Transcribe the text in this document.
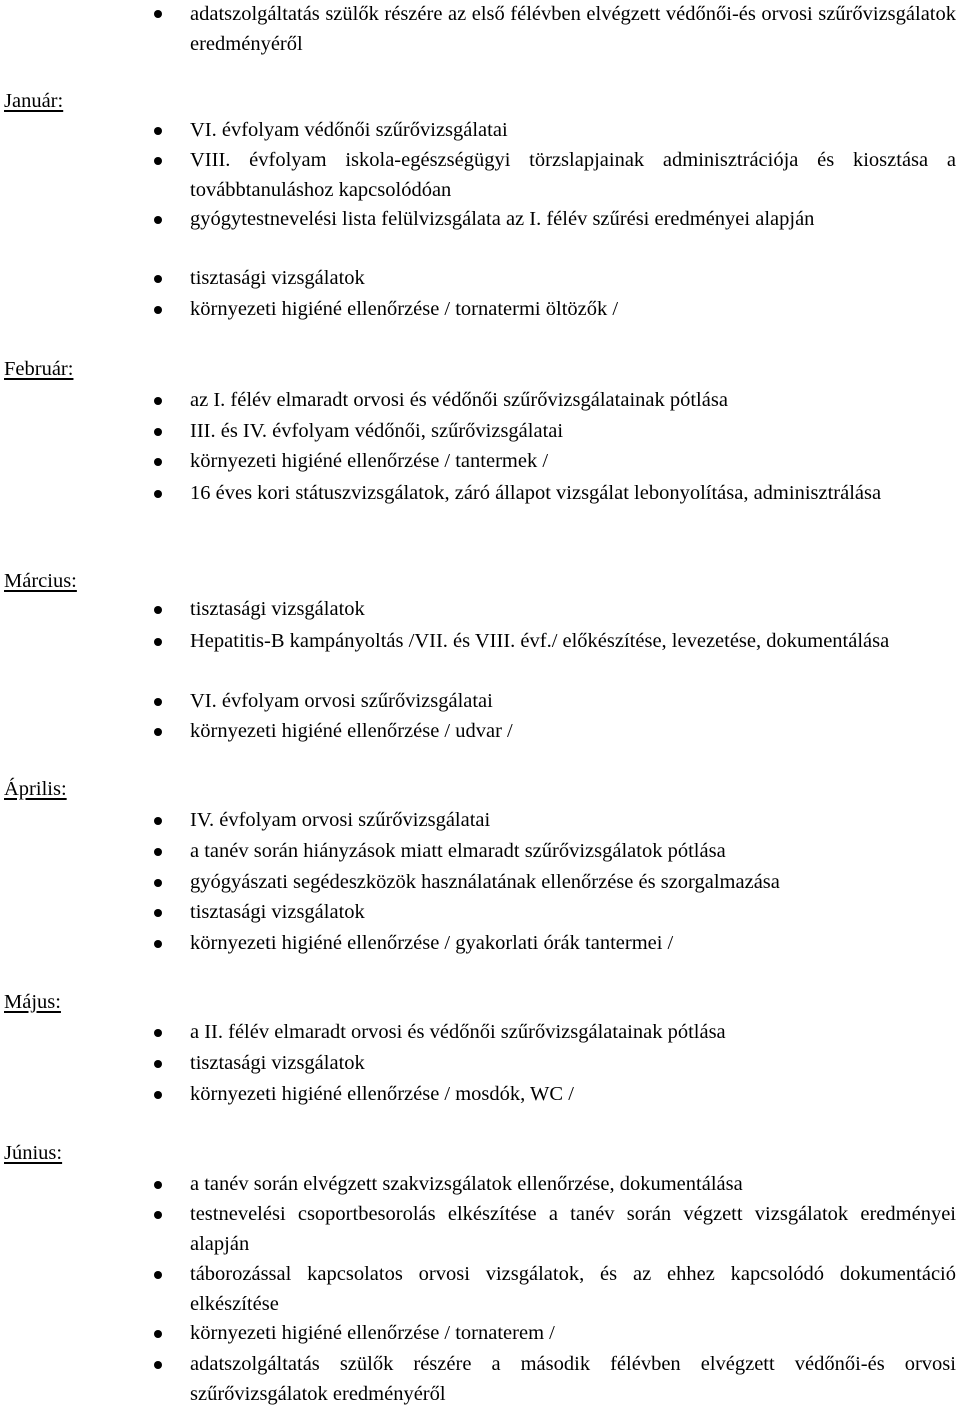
adatszolgáltatás szülők részére az első félévben elvégzett védőnői-és orvosi szűrővizsgálatok eredményéről
Január:
VI. évfolyam védőnői szűrővizsgálatai
VIII. évfolyam iskola-egészségügyi törzslapjainak adminisztrációja és kiosztása a továbbtanuláshoz kapcsolódóan
gyógytestnevelési lista felülvizsgálata az I. félév szűrési eredményei alapján
tisztasági vizsgálatok
környezeti higiéné ellenőrzése / tornatermi öltözők /
Február:
az I. félév elmaradt orvosi és védőnői szűrővizsgálatainak pótlása
III. és IV. évfolyam védőnői, szűrővizsgálatai
környezeti higiéné ellenőrzése / tantermek /
16 éves kori státuszvizsgálatok, záró állapot vizsgálat lebonyolítása, adminisztrálása
Március:
tisztasági vizsgálatok
Hepatitis-B kampányoltás /VII. és VIII. évf./ előkészítése, levezetése, dokumentálása
VI. évfolyam orvosi szűrővizsgálatai
környezeti higiéné ellenőrzése / udvar /
Április:
IV. évfolyam orvosi szűrővizsgálatai
a tanév során hiányzások miatt elmaradt szűrővizsgálatok pótlása
gyógyászati segédeszközök használatának ellenőrzése és szorgalmazása
tisztasági vizsgálatok
környezeti higiéné ellenőrzése / gyakorlati órák tantermei /
Május:
a II. félév elmaradt orvosi és védőnői szűrővizsgálatainak pótlása
tisztasági vizsgálatok
környezeti higiéné ellenőrzése / mosdók, WC /
Június:
a tanév során elvégzett szakvizsgálatok ellenőrzése, dokumentálása
testnevelési csoportbesorolás elkészítése a tanév során végzett vizsgálatok eredményei alapján
táborozással kapcsolatos orvosi vizsgálatok, és az ehhez kapcsolódó dokumentáció elkészítése
környezeti higiéné ellenőrzése / tornaterem /
adatszolgáltatás szülők részére a második félévben elvégzett védőnői-és orvosi szűrővizsgálatok eredményéről
